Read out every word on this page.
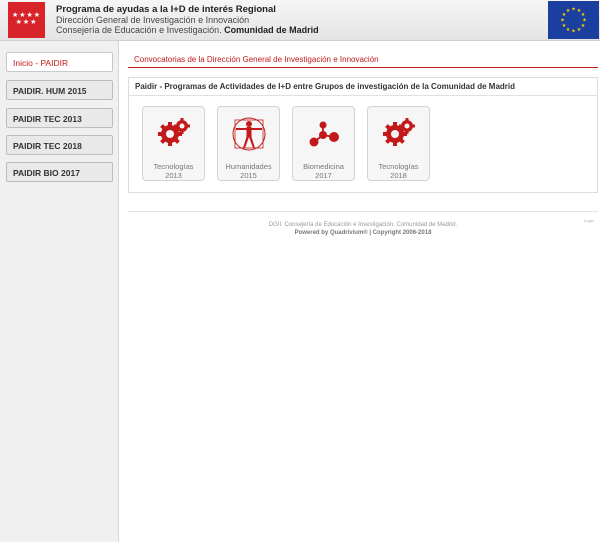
★★★★ ★★★
Programa de ayudas a la I+D de interés Regional
Dirección General de Investigación e Innovación
Consejería de Educación e Investigación. Comunidad de Madrid
★ ★
★
★
★
★
★
★
★
★
★
★
Inicio - PAIDIR
PAIDIR. HUM 2015
PAIDIR TEC 2013
PAIDIR TEC 2018
PAIDIR BIO 2017
Convocatorias de la Dirección General de Investigación e Innovación
Paidir - Programas de Actividades de I+D entre Grupos de investigación de la Comunidad de Madrid
Tecnologías
2013
Humanidades
2015
Biomedicina
2017
Tecnologías
2018
DGII. Consejería de Educación e Investigación. Comunidad de Madrid.
Powered by Quadrivium® | Copyright 2006-2018
Login
